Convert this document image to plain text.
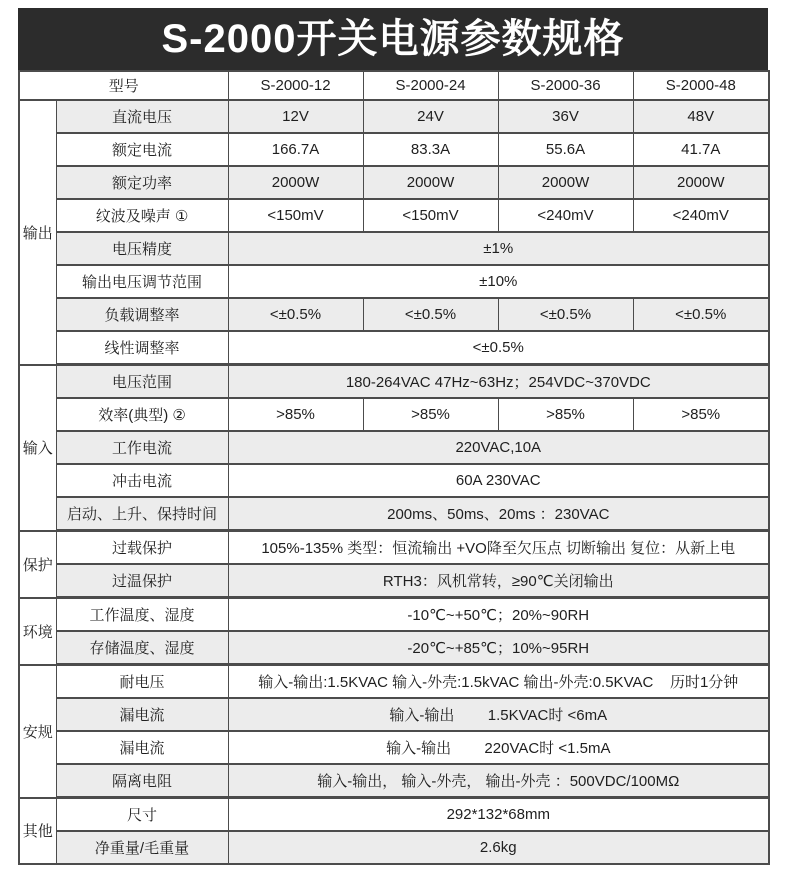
S-2000开关电源参数规格
型号		S-2000-12	S-2000-24	S-2000-36	S-2000-48
输出	直流电压	12V	24V	36V	48V
	额定电流	166.7A	83.3A	55.6A	41.7A
	额定功率	2000W	2000W	2000W	2000W
	纹波及噪声 ①	<150mV	<150mV	<240mV	<240mV
	电压精度	±1%			
	输出电压调节范围	±10%			
	负载调整率	<±0.5%	<±0.5%	<±0.5%	<±0.5%
	线性调整率	<±0.5%			
输入	电压范围	180-264VAC 47Hz~63Hz；254VDC~370VDC			
	效率(典型) ②	>85%	>85%	>85%	>85%
	工作电流	220VAC,10A			
	冲击电流	60A 230VAC			
	启动、上升、保持时间	200ms、50ms、20ms ：230VAC			
保护	过载保护	105%-135% 类型：恒流输出 +VO降至欠压点 切断输出 复位：从新上电			
	过温保护	RTH3：风机常转，≥90℃关闭输出			
环境	工作温度、湿度	-10℃~+50℃；20%~90RH			
	存储温度、湿度	-20℃~+85℃；10%~95RH			
安规	耐电压	输入-输出:1.5KVAC 输入-外壳:1.5kVAC 输出-外壳:0.5KVAC    历时1分钟			
	漏电流	输入-输出        1.5KVAC时 <6mA			
	漏电流	输入-输出        220VAC时 <1.5mA			
	隔离电阻	输入-输出， 输入-外壳， 输出-外壳 ：500VDC/100MΩ			
其他	尺寸	292*132*68mm			
	净重量/毛重量	2.6kg			
